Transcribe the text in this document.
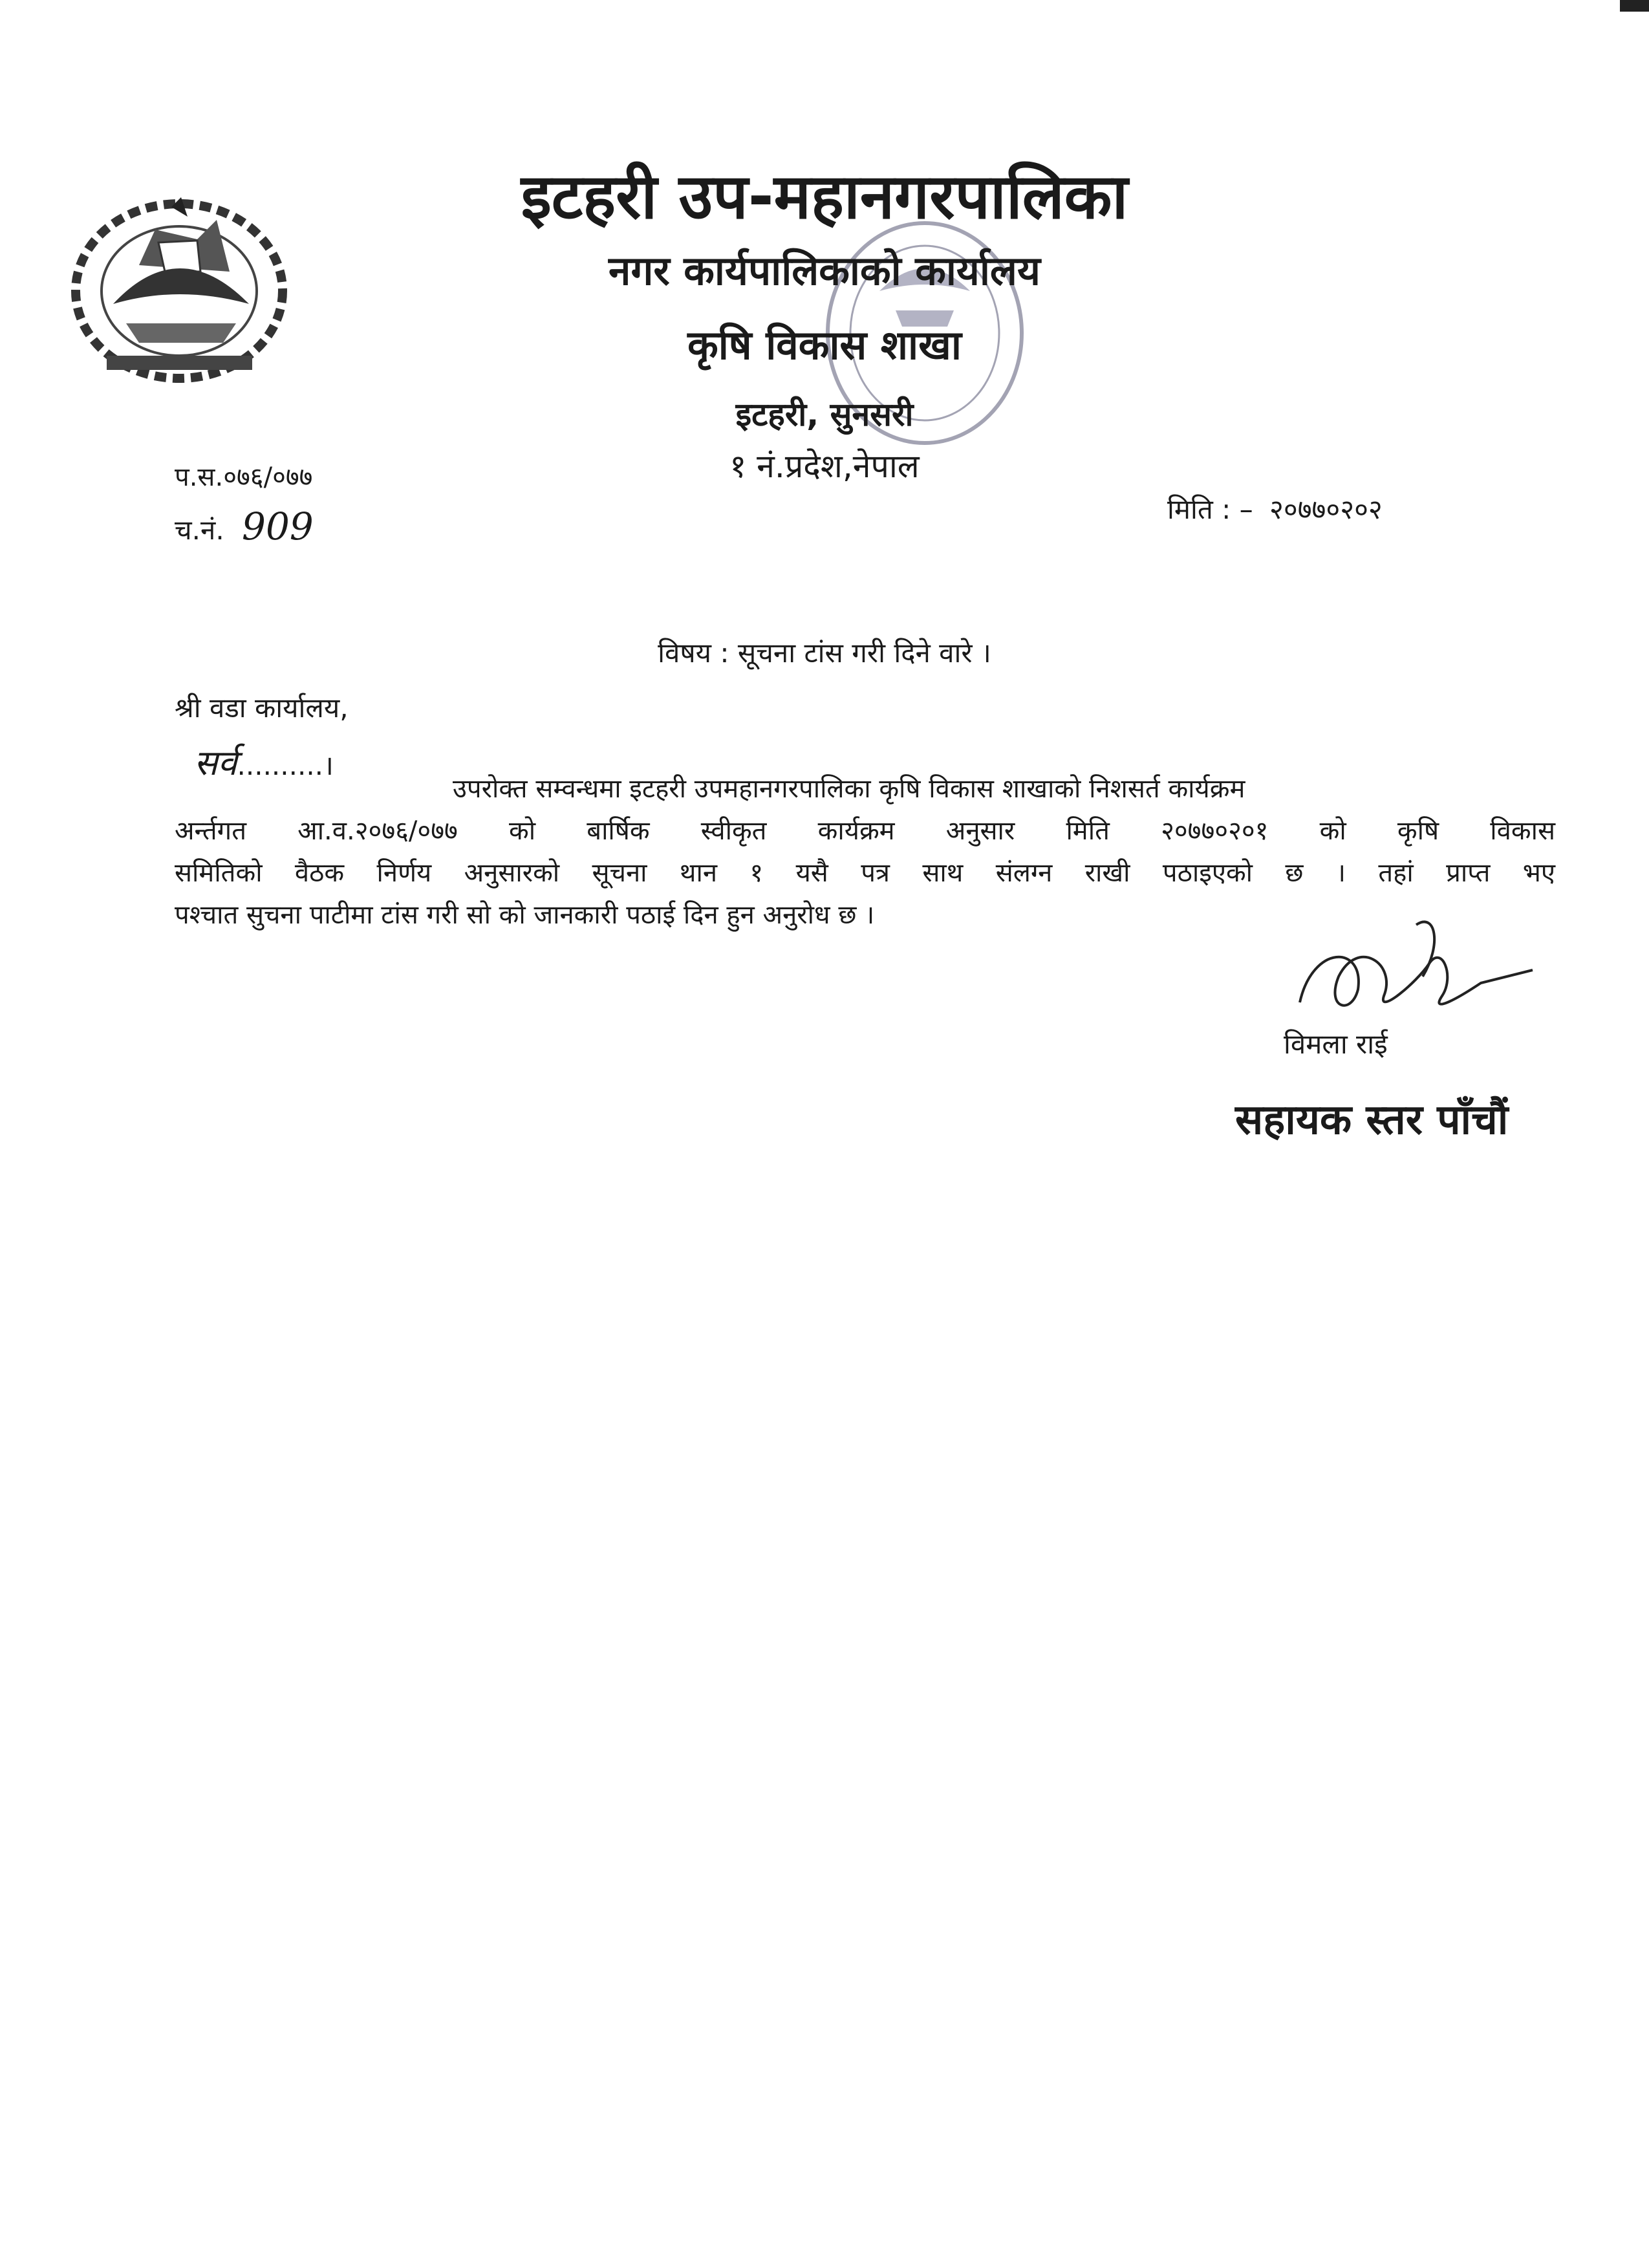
इटहरी उप-महानगरपालिका
नगर कार्यपालिकाको कार्यालय
कृषि विकास शाखा
इटहरी, सुनसरी
१ नं.प्रदेश,नेपाल
प.स.०७६/०७७
च.नं. 909	मिति : – २०७७०२०२
विषय : सूचना टांस गरी दिने वारे ।
श्री वडा कार्यालय,
सर्व..........।
उपरोक्त सम्वन्धमा इटहरी उपमहानगरपालिका कृषि विकास शाखाको निशसर्त कार्यक्रम
अर्न्तगत आ.व.२०७६/०७७ को बार्षिक स्वीकृत कार्यक्रम अनुसार मिति २०७७०२०१ को कृषि विकास
समितिको वैठक निर्णय अनुसारको सूचना थान १ यसै पत्र साथ संलग्न राखी पठाइएको छ । तहां प्राप्त भए
पश्चात सुचना पाटीमा टांस गरी सो को जानकारी पठाई दिन हुन अनुरोध छ ।
विमला राई
सहायक स्तर पाँचौं
